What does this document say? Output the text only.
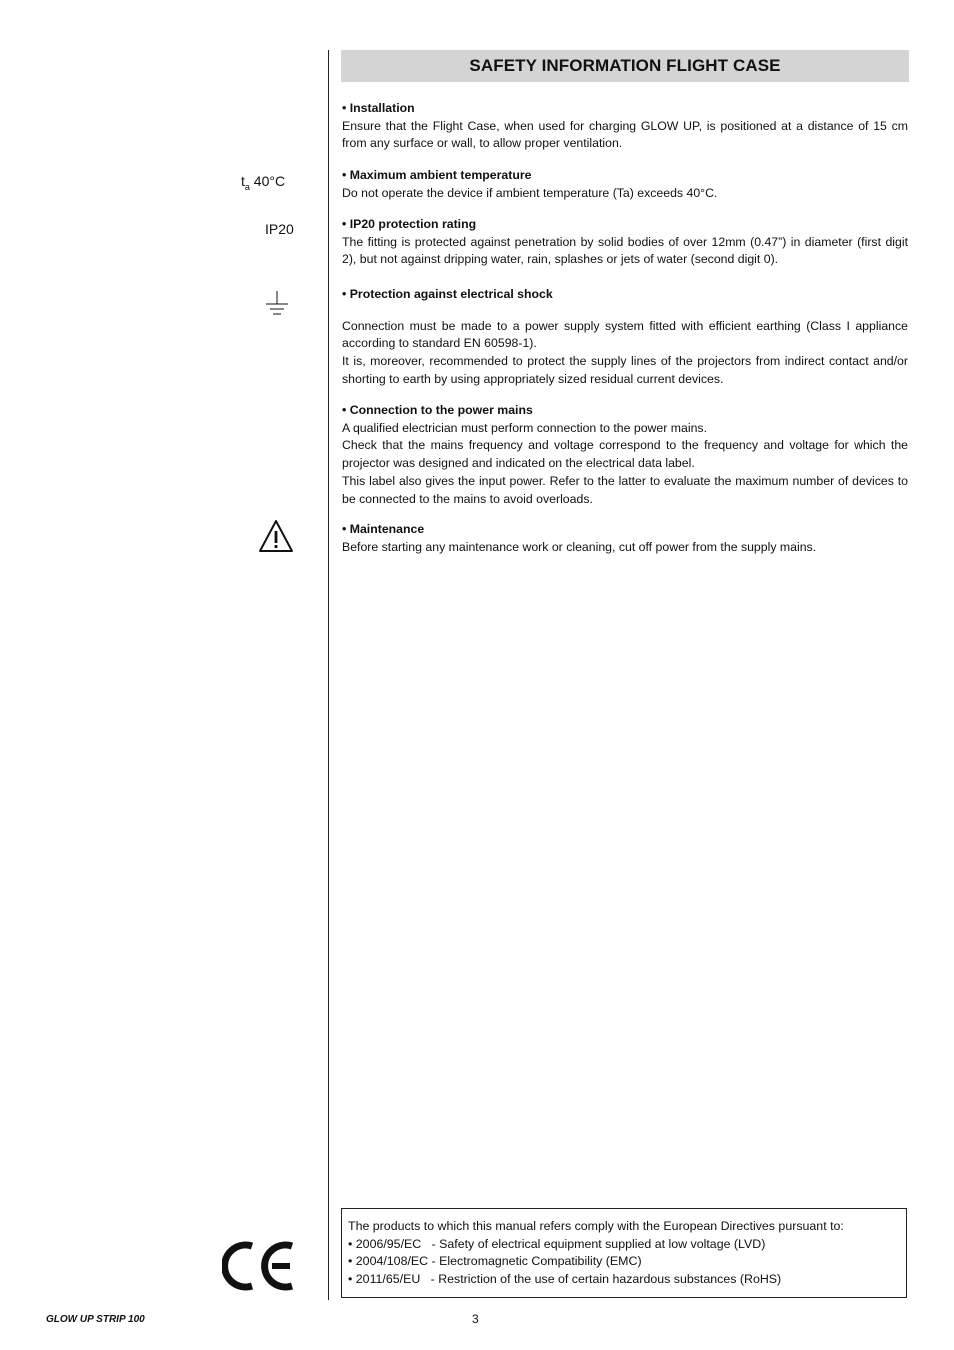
SAFETY INFORMATION FLIGHT CASE
$t_a$ 40°C
IP20
• Installation

Ensure that the Flight Case, when used for charging GLOW UP, is positioned at a distance of 15 cm from any surface or wall, to allow proper ventilation.

• Maximum ambient temperature

Do not operate the device if ambient temperature (Ta) exceeds 40°C.

• IP20 protection rating

The fitting is protected against penetration by solid bodies of over 12mm (0.47”) in diameter (first digit 2), but not against dripping water, rain, splashes or jets of water (second digit 0).

• Protection against electrical shock

Connection must be made to a power supply system fitted with efficient earthing (Class I appliance according to standard EN 60598-1).

It is, moreover, recommended to protect the supply lines of the projectors from indirect contact and/or shorting to earth by using appropriately sized residual current devices.

• Connection to the power mains

A qualified electrician must perform connection to the power mains.

Check that the mains frequency and voltage correspond to the frequency and voltage for which the projector was designed and indicated on the electrical data label.

This label also gives the input power. Refer to the latter to evaluate the maximum number of devices to be connected to the mains to avoid overloads.

• Maintenance

Before starting any maintenance work or cleaning, cut off power from the supply mains.

The products to which this manual refers comply with the European Directives pursuant to:
• 2006/95/EC   - Safety of electrical equipment supplied at low voltage (LVD)
• 2004/108/EC - Electromagnetic Compatibility (EMC)
• 2011/65/EU   - Restriction of the use of certain hazardous substances (RoHS)
GLOW UP STRIP 100	3
